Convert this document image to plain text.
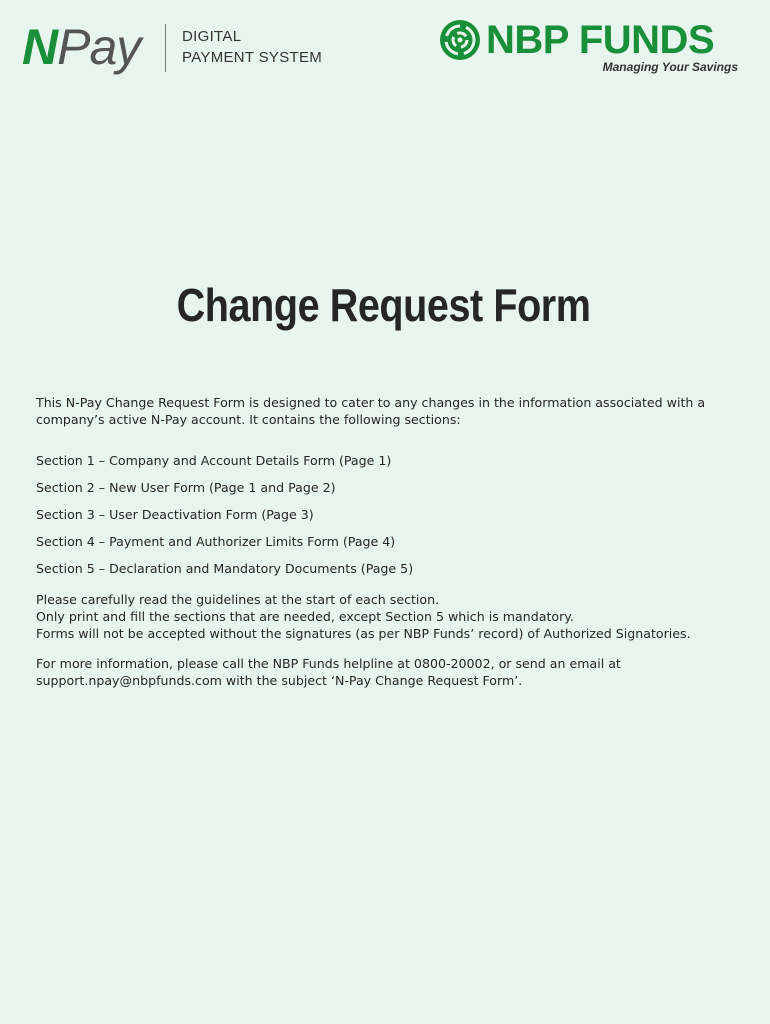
NPay	DIGITAL
PAYMENT SYSTEM	NBP FUNDS
Managing Your Savings
Change Request Form
This N-Pay Change Request Form is designed to cater to any changes in the information associated with a company’s active N-Pay account. It contains the following sections:
Section 1 – Company and Account Details Form (Page 1)
Section 2 – New User Form (Page 1 and Page 2)
Section 3 – User Deactivation Form (Page 3)
Section 4 – Payment and Authorizer Limits Form (Page 4)
Section 5 – Declaration and Mandatory Documents (Page 5)
Please carefully read the guidelines at the start of each section.
Only print and fill the sections that are needed, except Section 5 which is mandatory.
Forms will not be accepted without the signatures (as per NBP Funds’ record) of Authorized Signatories.
For more information, please call the NBP Funds helpline at 0800-20002, or send an email at
support.npay@nbpfunds.com with the subject ‘N-Pay Change Request Form’.
